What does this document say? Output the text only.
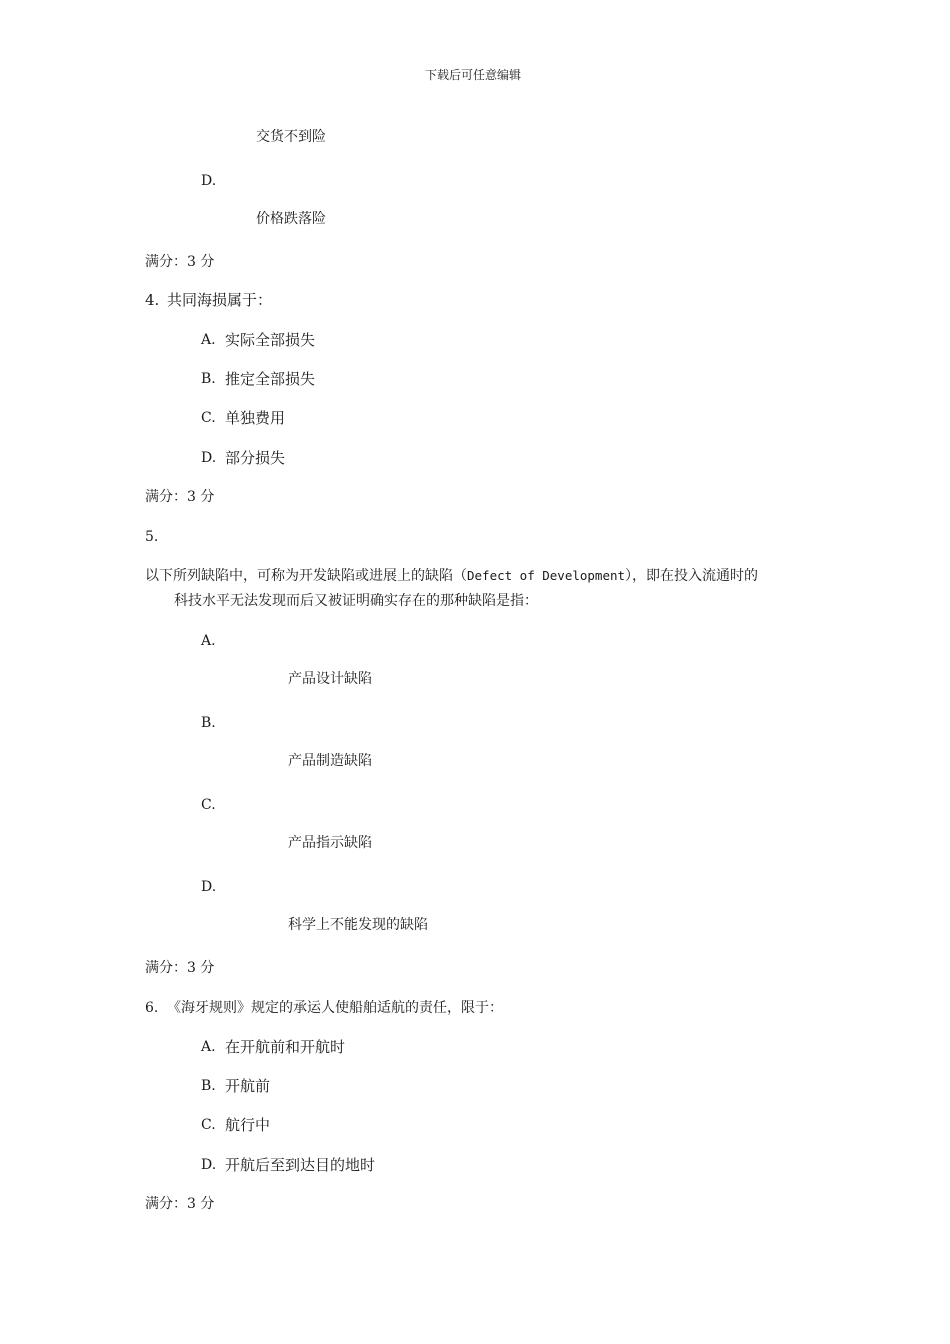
下载后可任意编辑
交货不到险
D.
价格跌落险
满分：3 分
4. 共同海损属于：
A. 实际全部损失
B. 推定全部损失
C. 单独费用
D. 部分损失
满分：3 分
5.
以下所列缺陷中，可称为开发缺陷或进展上的缺陷（Defect of Development），即在投入流通时的
科技水平无法发现而后又被证明确实存在的那种缺陷是指：
A.
产品设计缺陷
B.
产品制造缺陷
C.
产品指示缺陷
D.
科学上不能发现的缺陷
满分：3 分
6. 《海牙规则》规定的承运人使船舶适航的责任，限于：
A. 在开航前和开航时
B. 开航前
C. 航行中
D. 开航后至到达目的地时
满分：3 分
